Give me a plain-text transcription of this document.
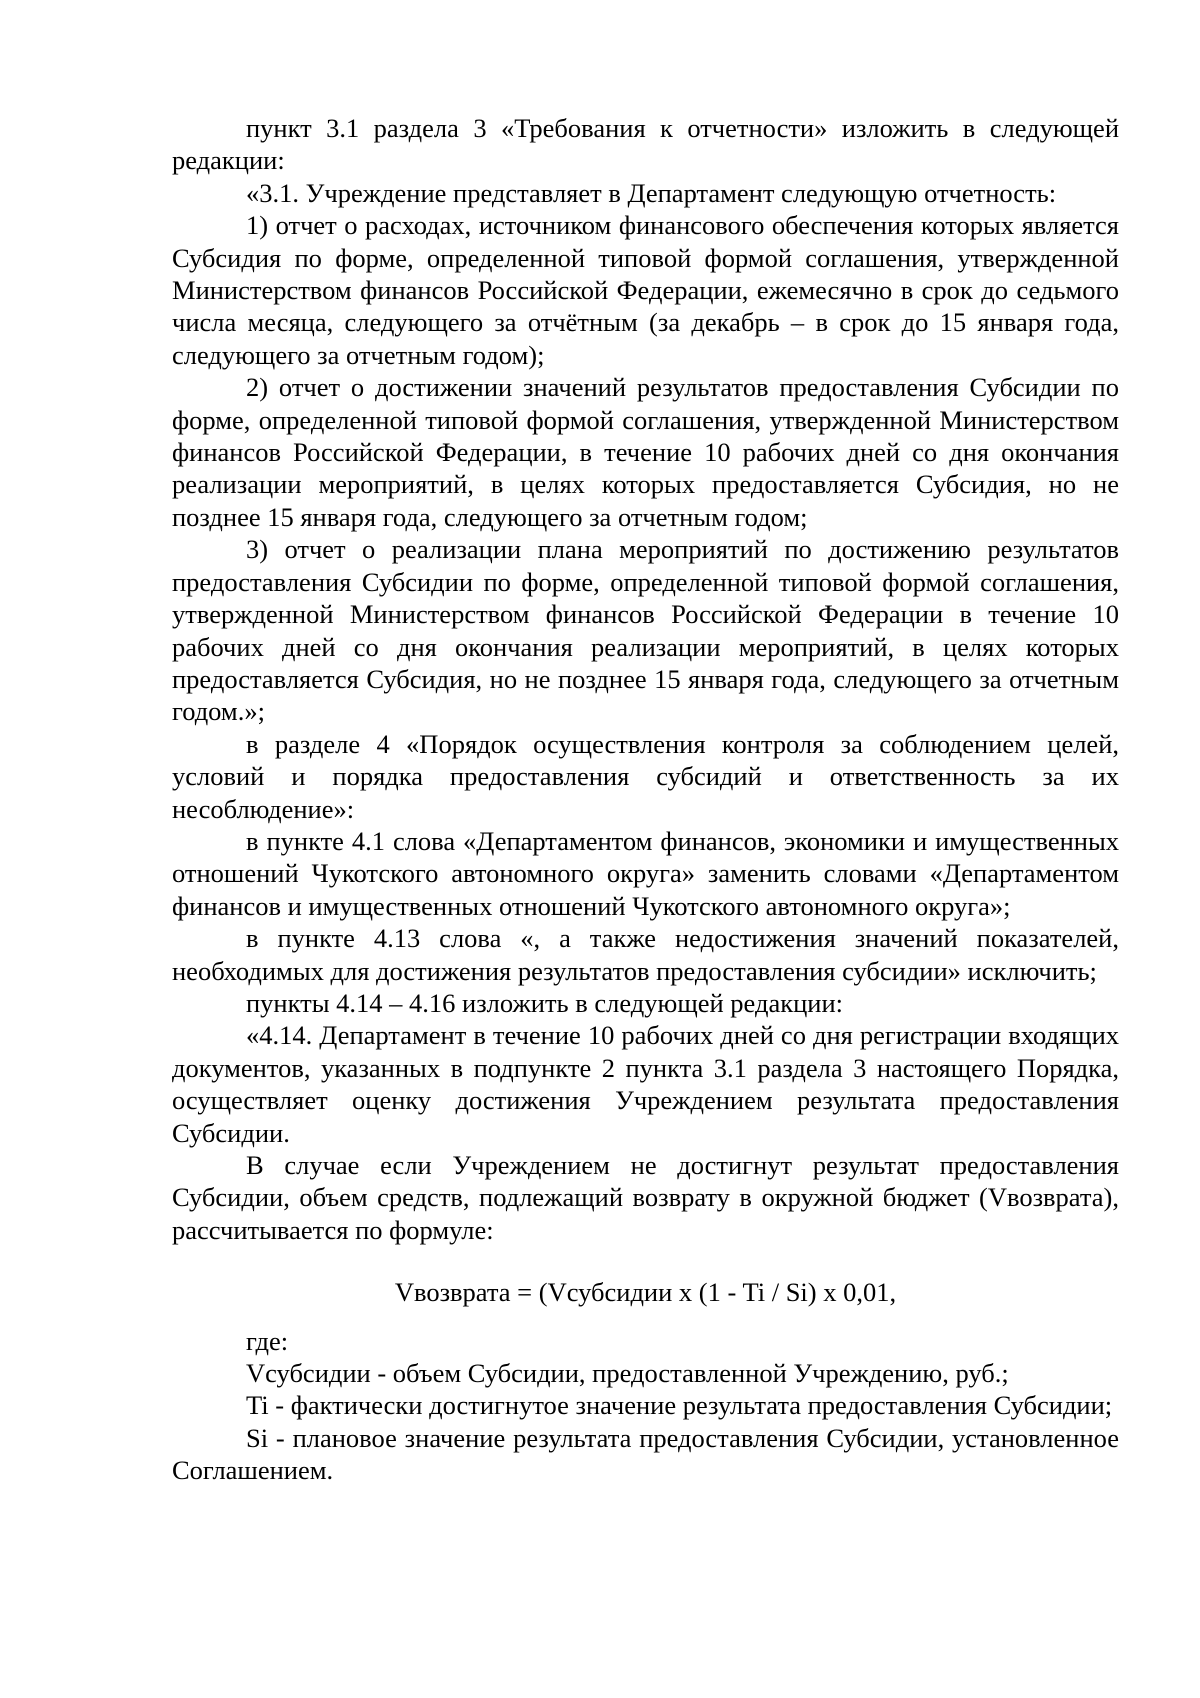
пункт 3.1 раздела 3 «Требования к отчетности» изложить в следующей редакции:

«3.1. Учреждение представляет в Департамент следующую отчетность:

1) отчет о расходах, источником финансового обеспечения которых является Субсидия по форме, определенной типовой формой соглашения, утвержденной Министерством финансов Российской Федерации, ежемесячно в срок до седьмого числа месяца, следующего за отчётным (за декабрь – в срок до 15 января года, следующего за отчетным годом);

2) отчет о достижении значений результатов предоставления Субсидии по форме, определенной типовой формой соглашения, утвержденной Министерством финансов Российской Федерации, в течение 10 рабочих дней со дня окончания реализации мероприятий, в целях которых предоставляется Субсидия, но не позднее 15 января года, следующего за отчетным годом;

3) отчет о реализации плана мероприятий по достижению результатов предоставления Субсидии по форме, определенной типовой формой соглашения, утвержденной Министерством финансов Российской Федерации в течение 10 рабочих дней со дня окончания реализации мероприятий, в целях которых предоставляется Субсидия, но не позднее 15 января года, следующего за отчетным годом.»;

в разделе 4 «Порядок осуществления контроля за соблюдением целей, условий и порядка предоставления субсидий и ответственность за их несоблюдение»:

в пункте 4.1 слова «Департаментом финансов, экономики и имущественных отношений Чукотского автономного округа» заменить словами «Департаментом финансов и имущественных отношений Чукотского автономного округа»;

в пункте 4.13 слова «, а также недостижения значений показателей, необходимых для достижения результатов предоставления субсидии» исключить;

пункты 4.14 – 4.16 изложить в следующей редакции:

«4.14. Департамент в течение 10 рабочих дней со дня регистрации входящих документов, указанных в подпункте 2 пункта 3.1 раздела 3 настоящего Порядка, осуществляет оценку достижения Учреждением результата предоставления Субсидии.

В случае если Учреждением не достигнут результат предоставления Субсидии, объем средств, подлежащий возврату в окружной бюджет (Vвозврата), рассчитывается по формуле:

Vвозврата = (Vсубсидии x (1 - Ti / Si) x 0,01,

где:

Vсубсидии - объем Субсидии, предоставленной Учреждению, руб.;

Ti - фактически достигнутое значение результата предоставления Субсидии;

Si - плановое значение результата предоставления Субсидии, установленное Соглашением.
